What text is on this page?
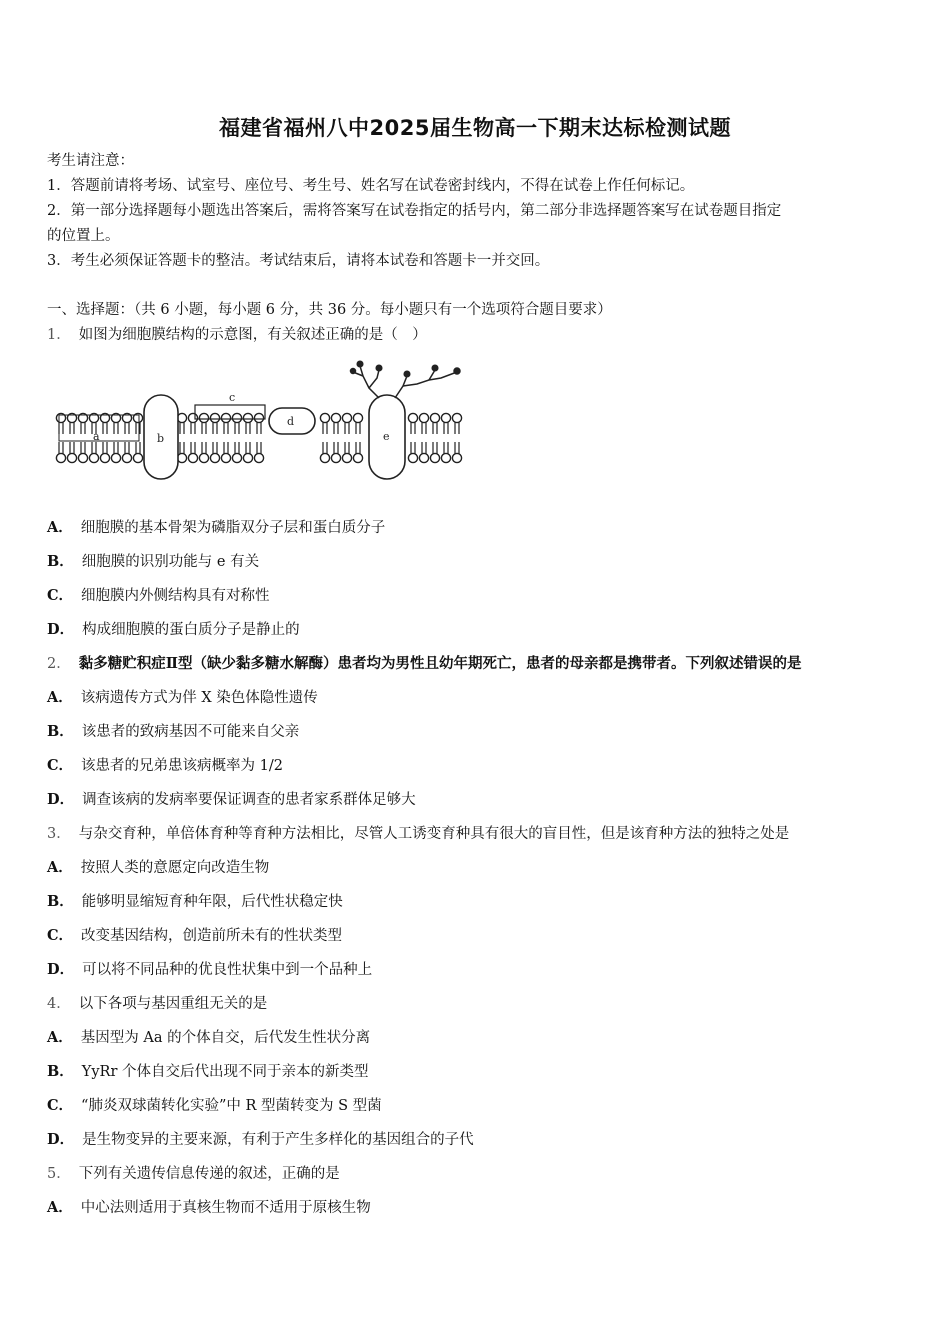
福建省福州八中2025届生物高一下期末达标检测试题
考生请注意：
1．答题前请将考场、试室号、座位号、考生号、姓名写在试卷密封线内，不得在试卷上作任何标记。
2．第一部分选择题每小题选出答案后，需将答案写在试卷指定的括号内，第二部分非选择题答案写在试卷题目指定
的位置上。
3．考生必须保证答题卡的整洁。考试结束后，请将本试卷和答题卡一并交回。
一、选择题：（共 6 小题，每小题 6 分，共 36 分。每小题只有一个选项符合题目要求）
1． 如图为细胞膜结构的示意图，有关叙述正确的是（　）
a	b
c
d
e
A． 细胞膜的基本骨架为磷脂双分子层和蛋白质分子
B． 细胞膜的识别功能与 e 有关
C． 细胞膜内外侧结构具有对称性
D． 构成细胞膜的蛋白质分子是静止的
2． 黏多糖贮积症Ⅱ型（缺少黏多糖水解酶）患者均为男性且幼年期死亡，患者的母亲都是携带者。下列叙述错误的是
A． 该病遗传方式为伴 X 染色体隐性遗传
B． 该患者的致病基因不可能来自父亲
C． 该患者的兄弟患该病概率为 1/2
D． 调查该病的发病率要保证调查的患者家系群体足够大
3． 与杂交育种，单倍体育种等育种方法相比，尽管人工诱变育种具有很大的盲目性，但是该育种方法的独特之处是
A． 按照人类的意愿定向改造生物
B． 能够明显缩短育种年限，后代性状稳定快
C． 改变基因结构，创造前所未有的性状类型
D． 可以将不同品种的优良性状集中到一个品种上
4． 以下各项与基因重组无关的是
A． 基因型为 Aa 的个体自交，后代发生性状分离
B． YyRr 个体自交后代出现不同于亲本的新类型
C． “肺炎双球菌转化实验”中 R 型菌转变为 S 型菌
D． 是生物变异的主要来源，有利于产生多样化的基因组合的子代
5． 下列有关遗传信息传递的叙述，正确的是
A． 中心法则适用于真核生物而不适用于原核生物
